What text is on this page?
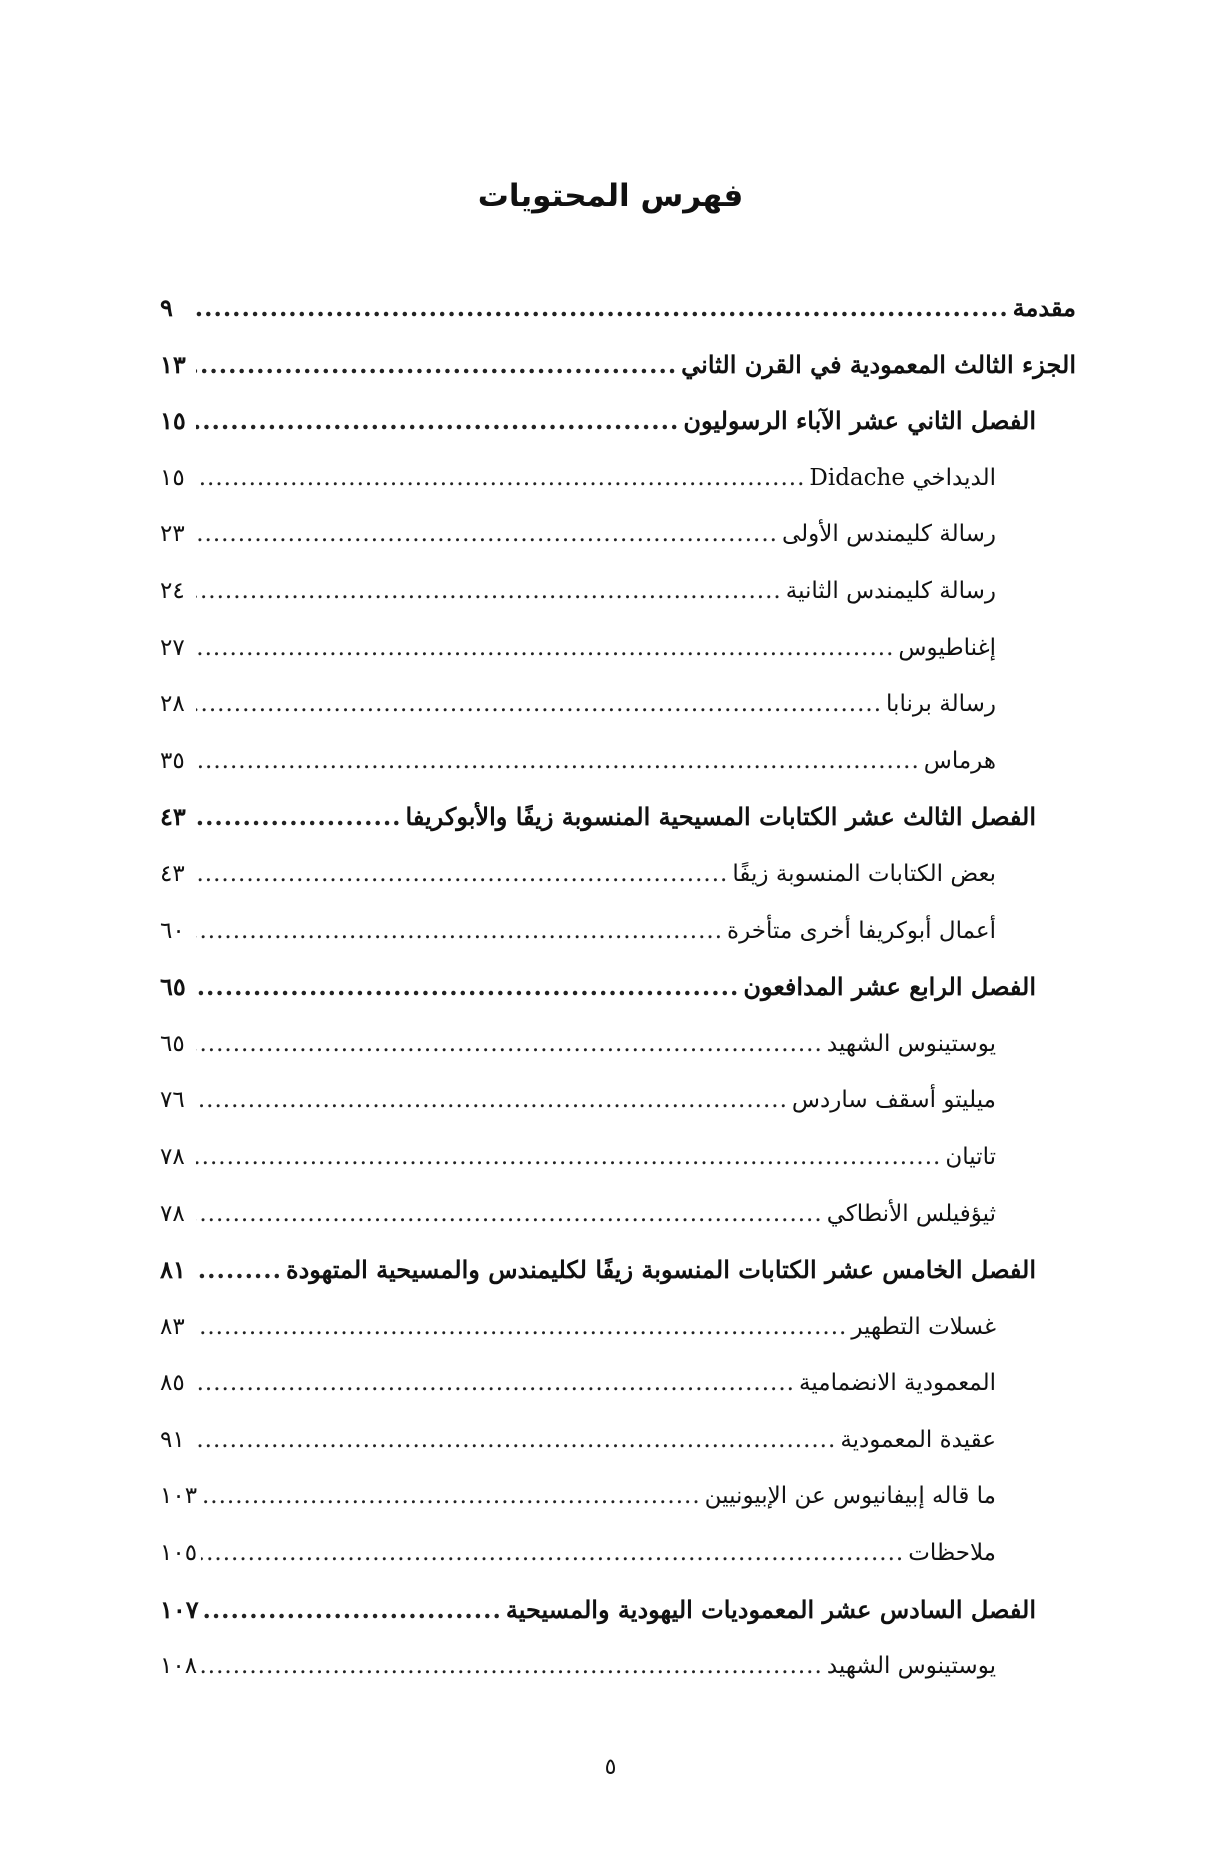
فهرس المحتويات
مقدمة
.....
٩
الجزء الثالث المعمودية في القرن الثاني
.....
١٣
الفصل الثاني عشر الآباء الرسوليون
.....
١٥
الديداخي Didache
.....
١٥
رسالة كليمندس الأولى
.....
٢٣
رسالة كليمندس الثانية
.....
٢٤
إغناطيوس
.....
٢٧
رسالة برنابا
.....
٢٨
هرماس
.....
٣٥
الفصل الثالث عشر الكتابات المسيحية المنسوبة زيفًا والأبوكريفا
.....
٤٣
بعض الكتابات المنسوبة زيفًا
.....
٤٣
أعمال أبوكريفا أخرى متأخرة
.....
٦٠
الفصل الرابع عشر المدافعون
.....
٦٥
يوستينوس الشهيد
.....
٦٥
ميليتو أسقف ساردس
.....
٧٦
تاتيان
.....
٧٨
ثيؤفيلس الأنطاكي
.....
٧٨
الفصل الخامس عشر الكتابات المنسوبة زيفًا لكليمندس والمسيحية المتهودة
.....
٨١
غسلات التطهير
.....
٨٣
المعمودية الانضمامية
.....
٨٥
عقيدة المعمودية
.....
٩١
ما قاله إبيفانيوس عن الإبيونيين
.....
١٠٣
ملاحظات
.....
١٠٥
الفصل السادس عشر المعموديات اليهودية والمسيحية
.....
١٠٧
يوستينوس الشهيد
.....
١٠٨
٥
